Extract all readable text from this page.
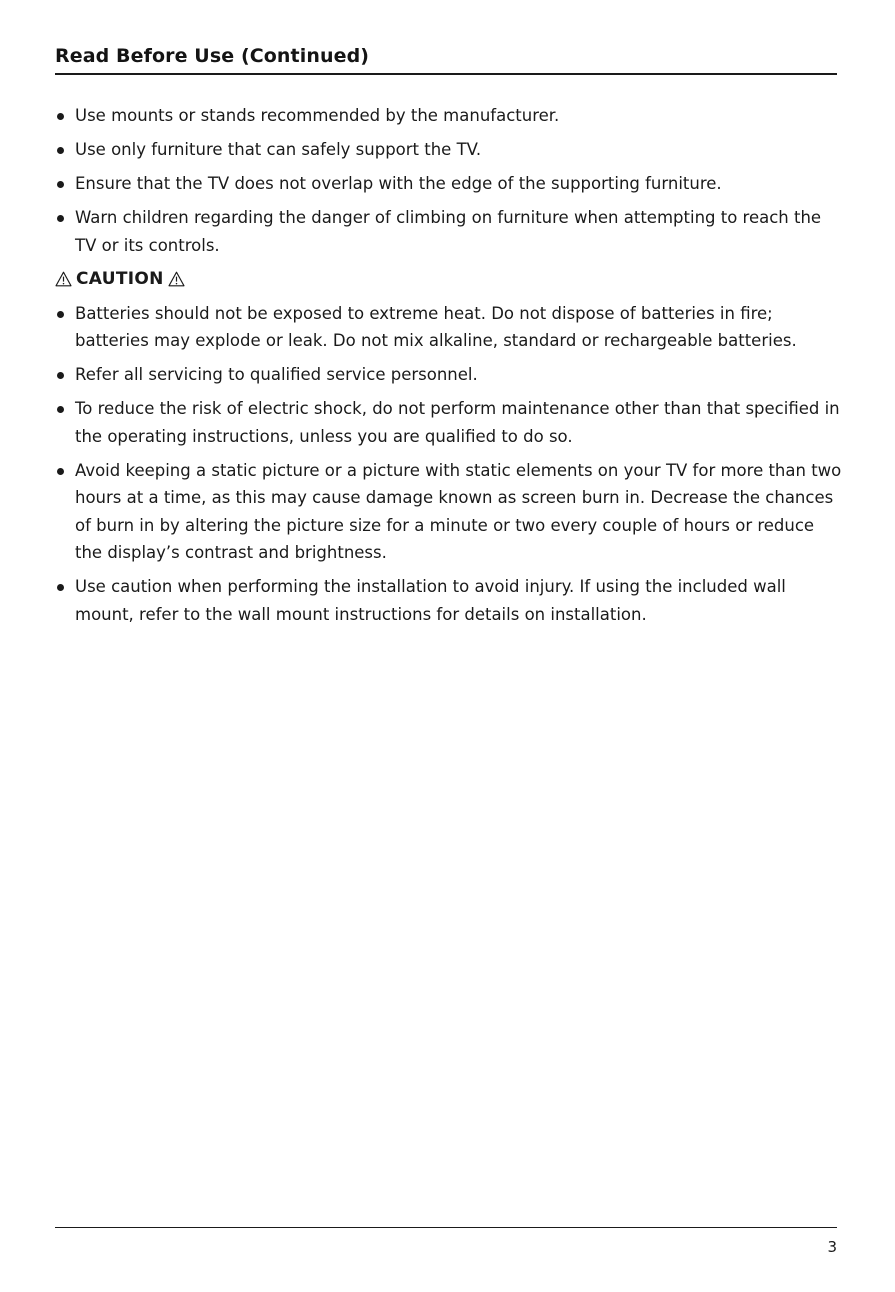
Read Before Use (Continued)
Use mounts or stands recommended by the manufacturer.
Use only furniture that can safely support the TV.
Ensure that the TV does not overlap with the edge of the supporting furniture.
Warn children regarding the danger of climbing on furniture when attempting to reach the TV or its controls.
CAUTION
Batteries should not be exposed to extreme heat. Do not dispose of batteries in fire; batteries may explode or leak. Do not mix alkaline, standard or rechargeable batteries.
Refer all servicing to qualified service personnel.
To reduce the risk of electric shock, do not perform maintenance other than that specified in the operating instructions, unless you are qualified to do so.
Avoid keeping a static picture or a picture with static elements on your TV for more than two hours at a time, as this may cause damage known as screen burn in. Decrease the chances of burn in by altering the picture size for a minute or two every couple of hours or reduce the display’s contrast and brightness.
Use caution when performing the installation to avoid injury. If using the included wall mount, refer to the wall mount instructions for details on installation.
3
